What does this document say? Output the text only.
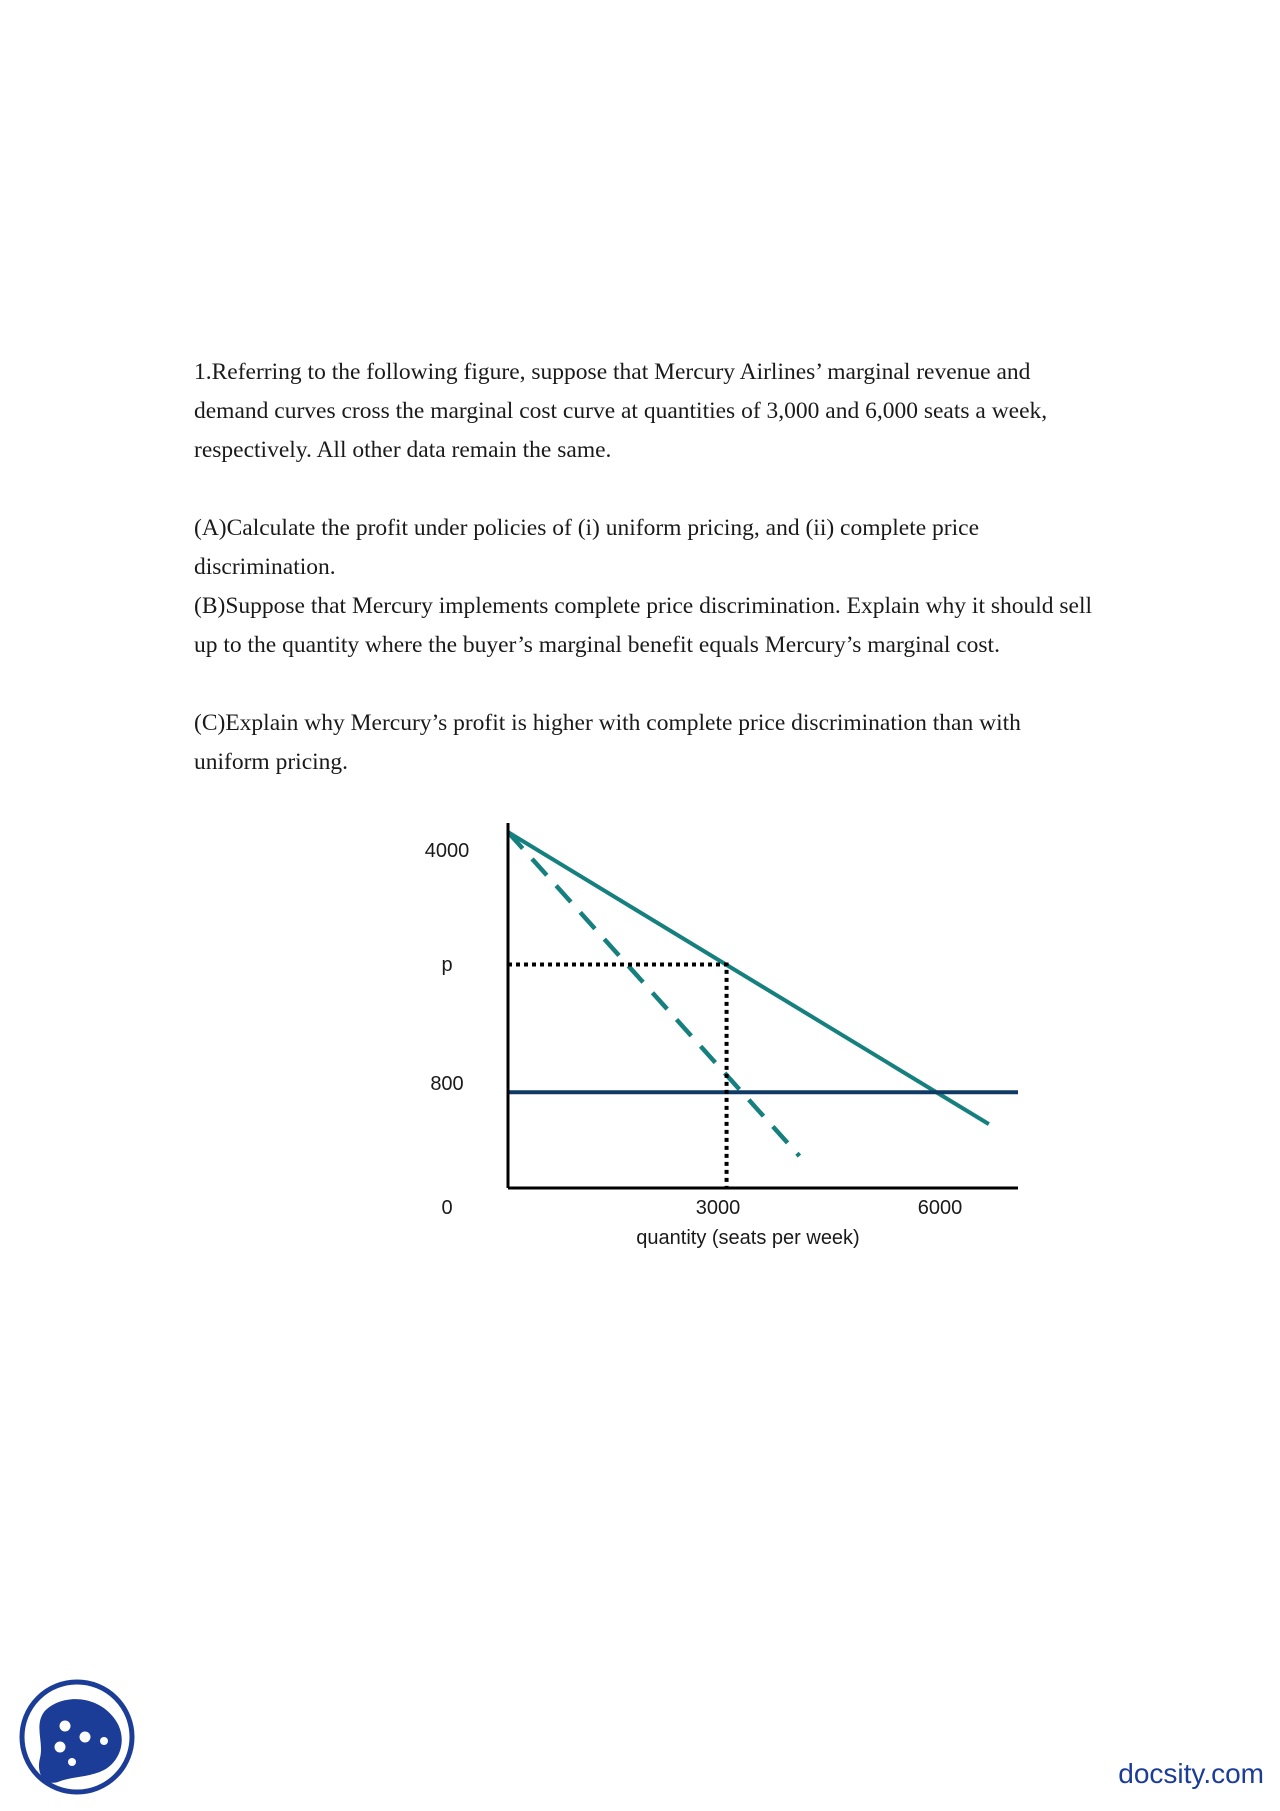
1.Referring to the following figure, suppose that Mercury Airlines’ marginal revenue and demand curves cross the marginal cost curve at quantities of 3,000 and 6,000 seats a week, respectively. All other data remain the same.

(A)Calculate the profit under policies of (i) uniform pricing, and (ii) complete price discrimination.

(B)Suppose that Mercury implements complete price discrimination. Explain why it should sell up to the quantity where the buyer’s marginal benefit equals Mercury’s marginal cost.

(C)Explain why Mercury’s profit is higher with complete price discrimination than with uniform pricing.

4000
p
800
0	3000	6000
quantity (seats per week)
docsity.com
